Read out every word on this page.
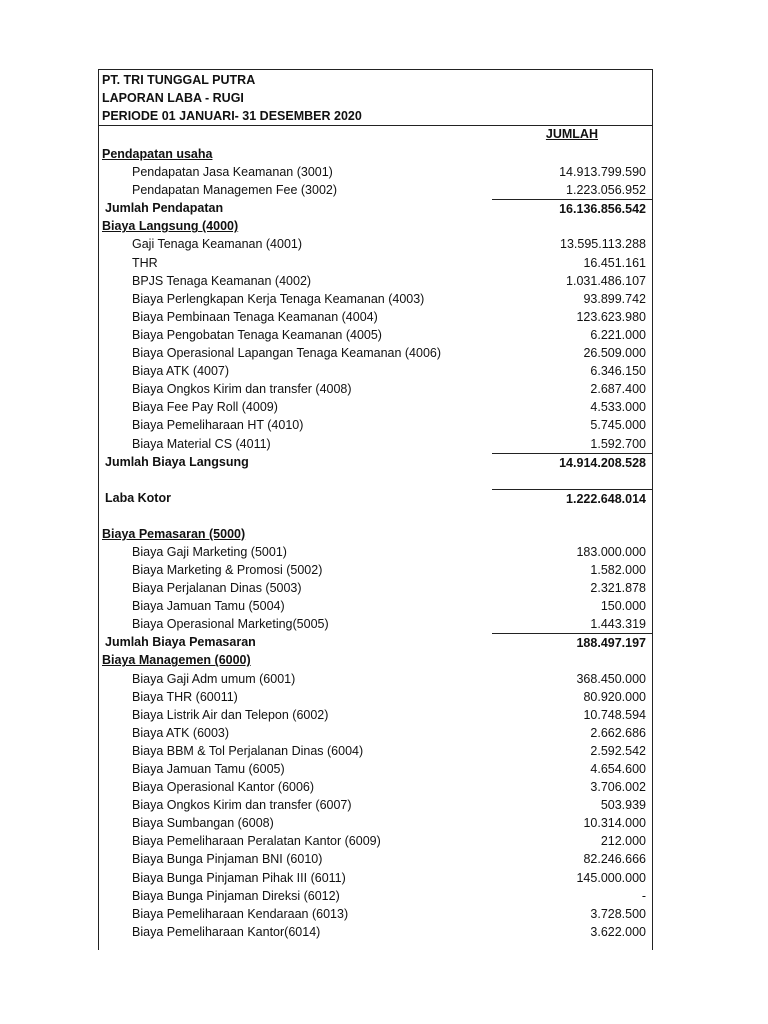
PT. TRI TUNGGAL PUTRA
LAPORAN LABA - RUGI
PERIODE 01 JANUARI- 31 DESEMBER 2020
JUMLAH
Pendapatan usaha
Pendapatan Jasa Keamanan (3001)	14.913.799.590
Pendapatan Managemen Fee (3002)	1.223.056.952
Jumlah Pendapatan	16.136.856.542
Biaya Langsung (4000)
Gaji Tenaga Keamanan (4001)	13.595.113.288
THR	16.451.161
BPJS Tenaga Keamanan (4002)	1.031.486.107
Biaya Perlengkapan Kerja Tenaga Keamanan (4003)	93.899.742
Biaya Pembinaan Tenaga Keamanan (4004)	123.623.980
Biaya Pengobatan Tenaga Keamanan (4005)	6.221.000
Biaya Operasional Lapangan Tenaga Keamanan (4006)	26.509.000
Biaya ATK (4007)	6.346.150
Biaya Ongkos Kirim dan transfer (4008)	2.687.400
Biaya Fee Pay Roll (4009)	4.533.000
Biaya Pemeliharaan HT (4010)	5.745.000
Biaya Material CS (4011)	1.592.700
Jumlah Biaya Langsung	14.914.208.528
Laba Kotor	1.222.648.014
Biaya Pemasaran (5000)
Biaya Gaji Marketing (5001)	183.000.000
Biaya Marketing & Promosi (5002)	1.582.000
Biaya Perjalanan Dinas (5003)	2.321.878
Biaya Jamuan Tamu (5004)	150.000
Biaya Operasional Marketing(5005)	1.443.319
Jumlah Biaya Pemasaran	188.497.197
Biaya Managemen (6000)
Biaya Gaji Adm umum (6001)	368.450.000
Biaya THR (60011)	80.920.000
Biaya Listrik Air dan Telepon (6002)	10.748.594
Biaya ATK (6003)	2.662.686
Biaya BBM & Tol Perjalanan Dinas (6004)	2.592.542
Biaya Jamuan Tamu (6005)	4.654.600
Biaya Operasional Kantor (6006)	3.706.002
Biaya Ongkos Kirim dan transfer (6007)	503.939
Biaya Sumbangan (6008)	10.314.000
Biaya Pemeliharaan Peralatan Kantor (6009)	212.000
Biaya Bunga Pinjaman BNI (6010)	82.246.666
Biaya Bunga Pinjaman Pihak III (6011)	145.000.000
Biaya Bunga Pinjaman Direksi (6012)	-
Biaya Pemeliharaan Kendaraan (6013)	3.728.500
Biaya Pemeliharaan Kantor(6014)	3.622.000
